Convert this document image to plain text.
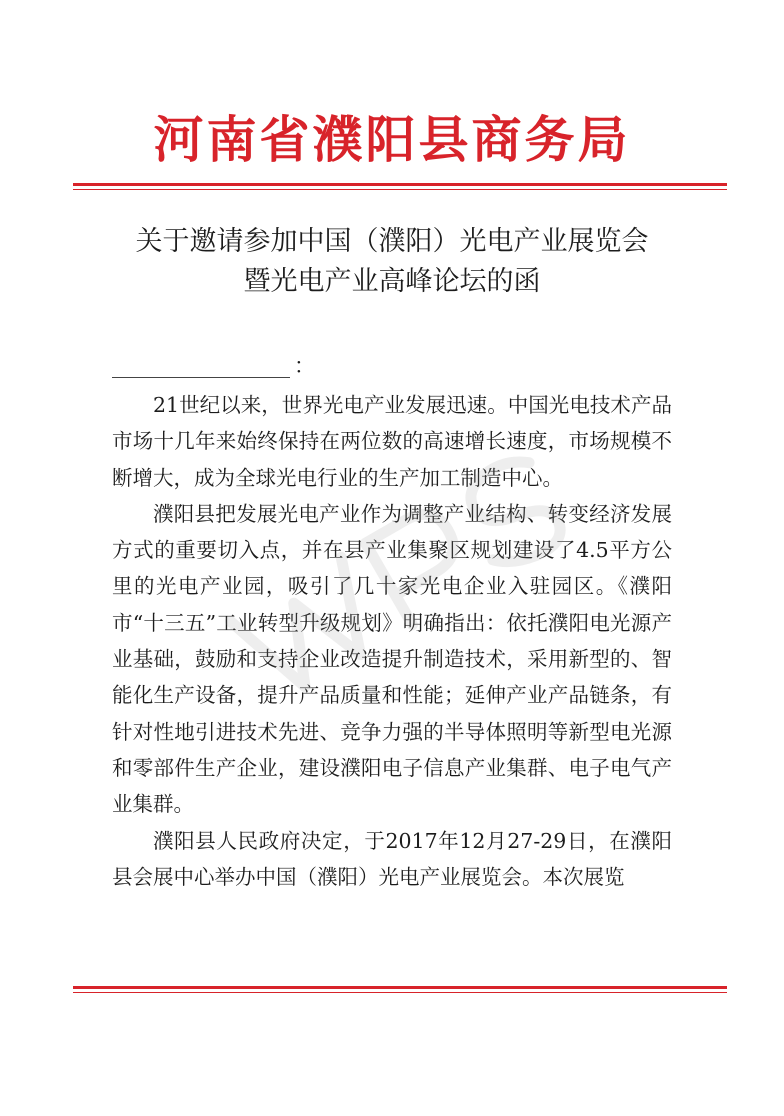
河南省濮阳县商务局
关于邀请参加中国（濮阳）光电产业展览会
暨光电产业高峰论坛的函
：

21世纪以来，世界光电产业发展迅速。中国光电技术产品市场十几年来始终保持在两位数的高速增长速度，市场规模不断增大，成为全球光电行业的生产加工制造中心。

濮阳县把发展光电产业作为调整产业结构、转变经济发展方式的重要切入点，并在县产业集聚区规划建设了4.5平方公里的光电产业园，吸引了几十家光电企业入驻园区。《濮阳市“十三五”工业转型升级规划》明确指出：依托濮阳电光源产业基础，鼓励和支持企业改造提升制造技术，采用新型的、智能化生产设备，提升产品质量和性能；延伸产业产品链条，有针对性地引进技术先进、竞争力强的半导体照明等新型电光源和零部件生产企业，建设濮阳电子信息产业集群、电子电气产业集群。

濮阳县人民政府决定，于2017年12月27-29日，在濮阳县会展中心举办中国（濮阳）光电产业展览会。本次展览
